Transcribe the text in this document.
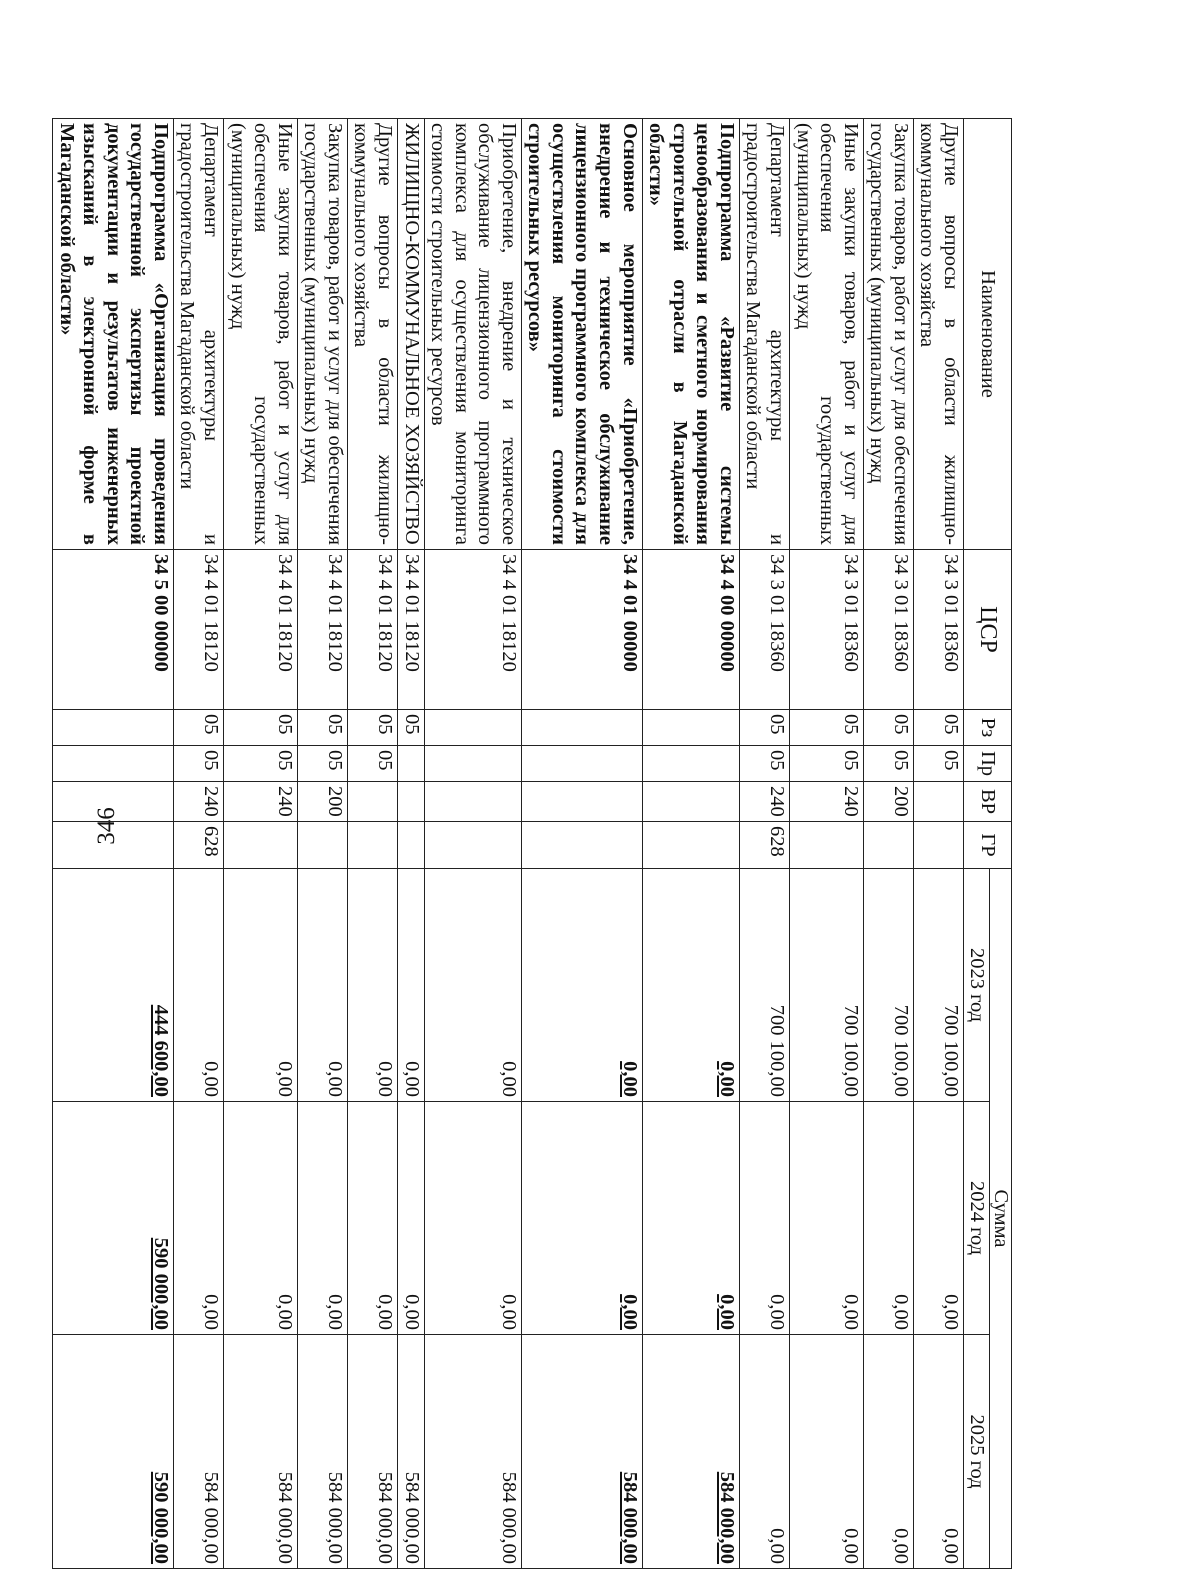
346
Наименование	ЦСР	Рз	Пр	ВР	ГР	Сумма		
						2023 год	2024 год	2025 год
Другие вопросы в области жилищно-коммунального хозяйства	34 3 01 18360	05	05			700 100,00	0,00	0,00
Закупка товаров, работ и услуг для обеспечения государственных (муниципальных) нужд	34 3 01 18360	05	05	200		700 100,00	0,00	0,00
Иные закупки товаров, работ и услуг для обеспечения государственных (муниципальных) нужд	34 3 01 18360	05	05	240		700 100,00	0,00	0,00
Департамент архитектуры и градостроительства Магаданской области	34 3 01 18360	05	05	240	628	700 100,00	0,00	0,00
Подпрограмма «Развитие системы ценообразования и сметного нормирования строительной отрасли в Магаданской области»	34 4 00 00000					0,00	0,00	584 000,00
Основное мероприятие «Приобретение, внедрение и техническое обслуживание лицензионного программного комплекса для осуществления мониторинга стоимости строительных ресурсов»	34 4 01 00000					0,00	0,00	584 000,00
Приобретение, внедрение и техническое обслуживание лицензионного программного комплекса для осуществления мониторинга стоимости строительных ресурсов	34 4 01 18120					0,00	0,00	584 000,00
ЖИЛИЩНО-КОММУНАЛЬНОЕ ХОЗЯЙСТВО	34 4 01 18120	05				0,00	0,00	584 000,00
Другие вопросы в области жилищно-коммунального хозяйства	34 4 01 18120	05	05			0,00	0,00	584 000,00
Закупка товаров, работ и услуг для обеспечения государственных (муниципальных) нужд	34 4 01 18120	05	05	200		0,00	0,00	584 000,00
Иные закупки товаров, работ и услуг для обеспечения государственных (муниципальных) нужд	34 4 01 18120	05	05	240		0,00	0,00	584 000,00
Департамент архитектуры и градостроительства Магаданской области	34 4 01 18120	05	05	240	628	0,00	0,00	584 000,00
Подпрограмма «Организация проведения государственной экспертизы проектной документации и результатов инженерных изысканий в электронной форме в Магаданской области»	34 5 00 00000					444 600,00	590 000,00	590 000,00
